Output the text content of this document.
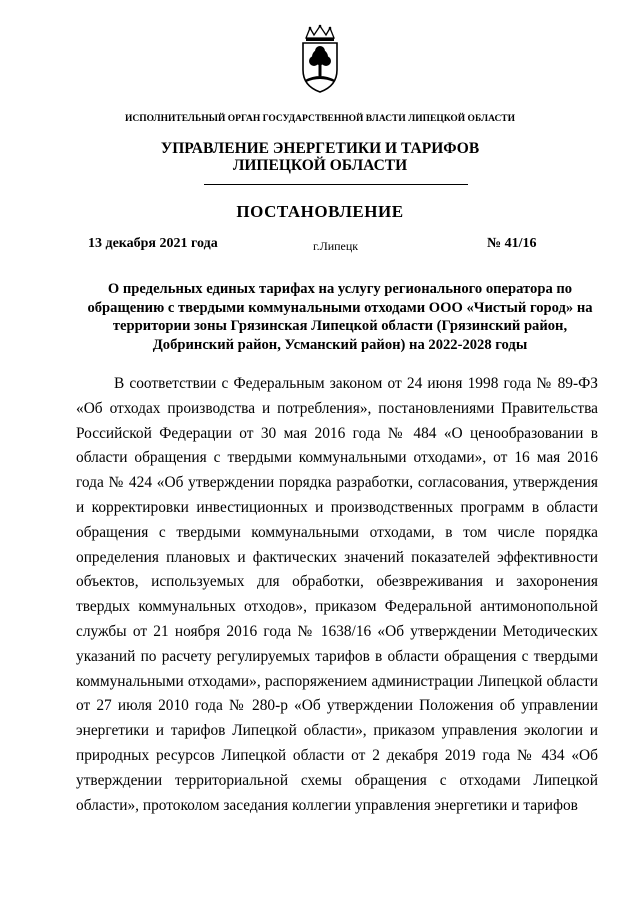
ИСПОЛНИТЕЛЬНЫЙ ОРГАН ГОСУДАРСТВЕННОЙ ВЛАСТИ ЛИПЕЦКОЙ ОБЛАСТИ
УПРАВЛЕНИЕ ЭНЕРГЕТИКИ И ТАРИФОВ
ЛИПЕЦКОЙ ОБЛАСТИ
ПОСТАНОВЛЕНИЕ
13 декабря 2021 года	г.Липецк	№ 41/16
О предельных единых тарифах на услугу регионального оператора по обращению с твердыми коммунальными отходами ООО «Чистый город» на территории зоны Грязинская Липецкой области (Грязинский район, Добринский район, Усманский район) на 2022-2028 годы

В соответствии с Федеральным законом от 24 июня 1998 года № 89-ФЗ «Об отходах производства и потребления», постановлениями Правительства Российской Федерации от 30 мая 2016 года № 484 «О ценообразовании в области обращения с твердыми коммунальными отходами», от 16 мая 2016 года № 424 «Об утверждении порядка разработки, согласования, утверждения и корректировки инвестиционных и производственных программ в области обращения с твердыми коммунальными отходами, в том числе порядка определения плановых и фактических значений показателей эффективности объектов, используемых для обработки, обезвреживания и захоронения твердых коммунальных отходов», приказом Федеральной антимонопольной службы от 21 ноября 2016 года № 1638/16 «Об утверждении Методических указаний по расчету регулируемых тарифов в области обращения с твердыми коммунальными отходами», распоряжением администрации Липецкой области от 27 июля 2010 года № 280-р «Об утверждении Положения об управлении энергетики и тарифов Липецкой области», приказом управления экологии и природных ресурсов Липецкой области от 2 декабря 2019 года № 434 «Об утверждении территориальной схемы обращения с отходами Липецкой области», протоколом заседания коллегии управления энергетики и тарифов
